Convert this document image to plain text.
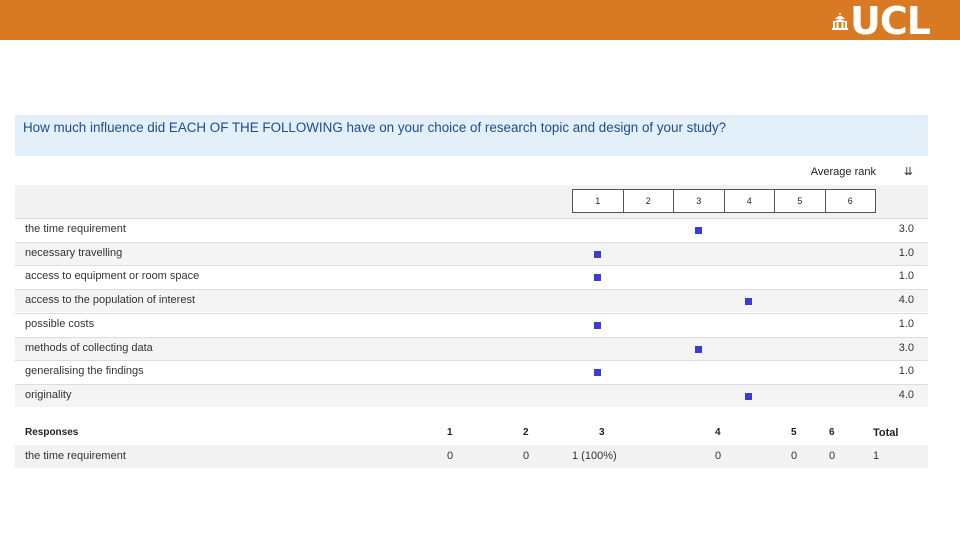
UCL
How much influence did EACH OF THE FOLLOWING have on your choice of research topic and design of your study?
Average rank	⇊
1	2	3	4	5	6
the time requirement	3.0
necessary travelling	1.0
access to equipment or room space	1.0
access to the population of interest	4.0
possible costs	1.0
methods of collecting data	3.0
generalising the findings	1.0
originality	4.0
Responses	1	2	3	4	5	6	Total
the time requirement	0	0	1 (100%)	0	0	0	1
